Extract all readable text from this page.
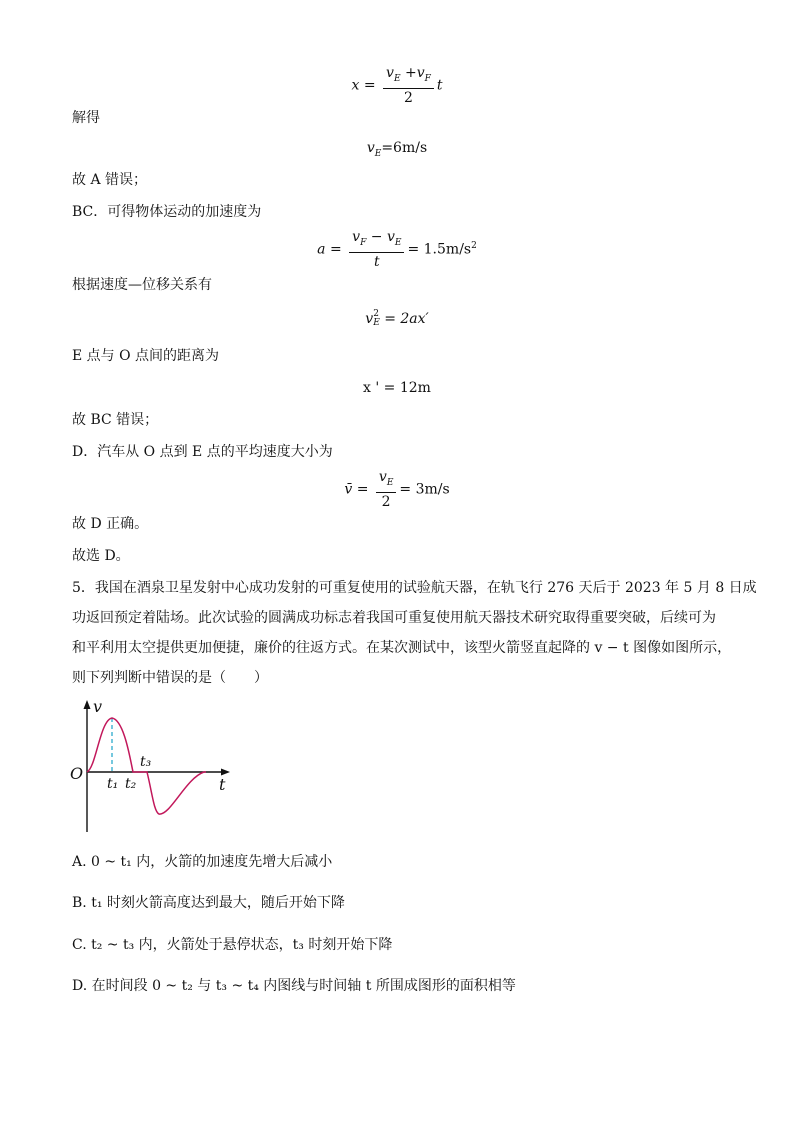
$x = \frac{v_E +v_F}{2}$ t
解得
$v_E=6m/s$
故 A 错误；
BC．可得物体运动的加速度为
$a = \frac{v_F - v_E}{t} = 1.5m/s^2$
根据速度—位移关系有
v 2
E = 2ax′
E 点与 O 点间的距离为
x ' = 12m
故 BC 错误；
D．汽车从 O 点到 E 点的平均速度大小为
v̄ = $\frac{v_E}{2} = 3m/s$
故 D 正确。
故选 D。
5．我国在酒泉卫星发射中心成功发射的可重复使用的试验航天器，在轨飞行 276 天后于 2023 年 5 月 8 日成
功返回预定着陆场。此次试验的圆满成功标志着我国可重复使用航天器技术研究取得重要突破，后续可为
和平利用太空提供更加便捷，廉价的往返方式。在某次测试中，该型火箭竖直起降的 v − t 图像如图所示，
则下列判断中错误的是（　　）
v
O
t
t₁ t₂
t₃
A. 0 ~ t₁ 内，火箭的加速度先增大后减小
B. t₁ 时刻火箭高度达到最大，随后开始下降
C. t₂ ~ t₃ 内，火箭处于悬停状态，t₃ 时刻开始下降
D. 在时间段 0 ~ t₂ 与 t₃ ~ t₄ 内图线与时间轴 t 所围成图形的面积相等
